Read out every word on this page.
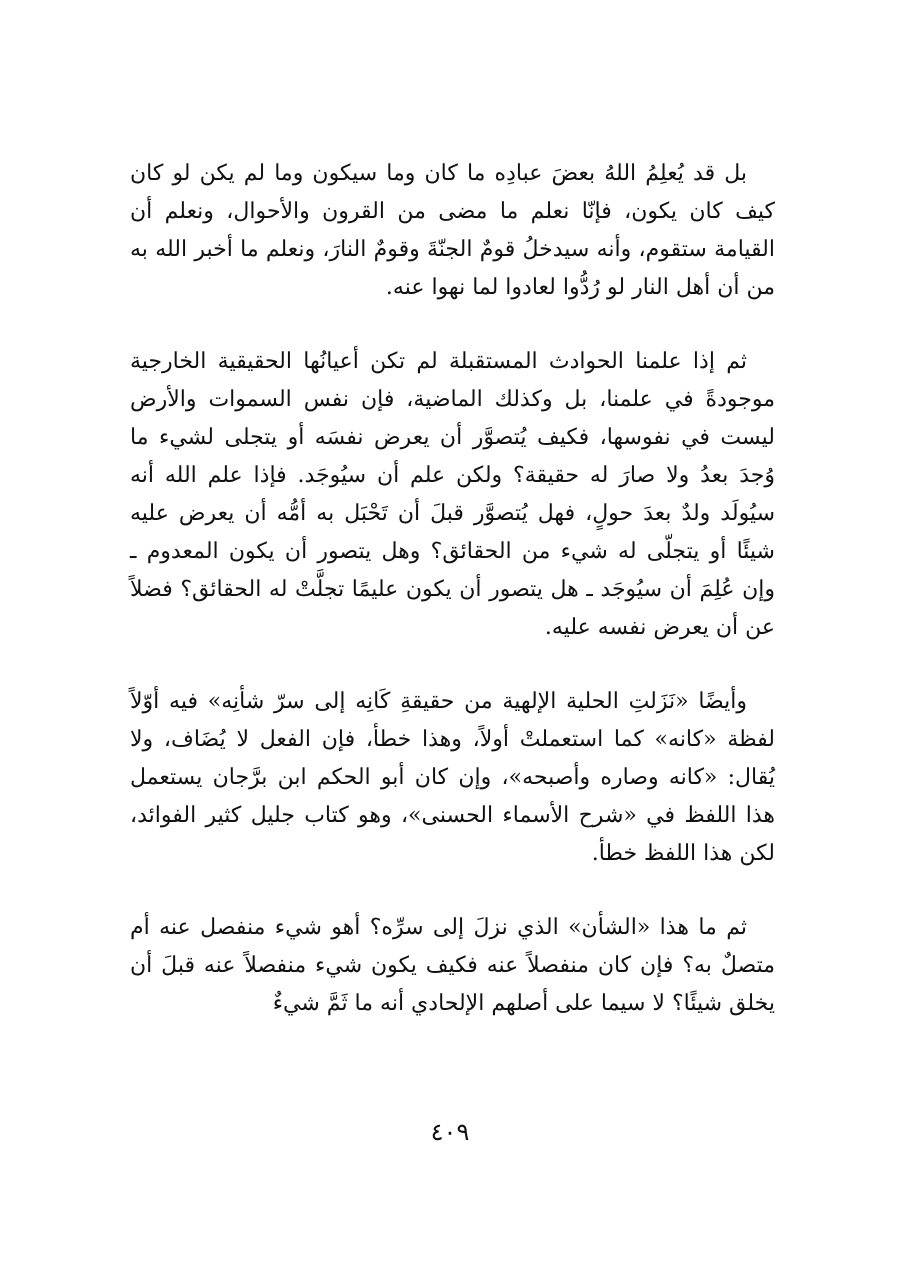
بل قد يُعلِمُ اللهُ بعضَ عبادِه ما كان وما سيكون وما لم يكن لو كان كيف كان يكون، فإنّا نعلم ما مضى من القرون والأحوال، ونعلم أن القيامة ستقوم، وأنه سيدخلُ قومٌ الجنّةَ وقومٌ النارَ، ونعلم ما أخبر الله به من أن أهل النار لو رُدُّوا لعادوا لما نهوا عنه.

ثم إذا علمنا الحوادث المستقبلة لم تكن أعيانُها الحقيقية الخارجية موجودةً في علمنا، بل وكذلك الماضية، فإن نفس السموات والأرض ليست في نفوسها، فكيف يُتصوَّر أن يعرض نفسَه أو يتجلى لشيء ما وُجدَ بعدُ ولا صارَ له حقيقة؟ ولكن علم أن سيُوجَد. فإذا علم الله أنه سيُولَد ولدٌ بعدَ حولٍ، فهل يُتصوَّر قبلَ أن تَحْبَل به أمُّه أن يعرض عليه شيئًا أو يتجلّى له شيء من الحقائق؟ وهل يتصور أن يكون المعدوم ـ وإن عُلِمَ أن سيُوجَد ـ هل يتصور أن يكون عليمًا تجلَّتْ له الحقائق؟ فضلاً عن أن يعرض نفسه عليه.

وأيضًا «نَزَلتِ الحلية الإلهية من حقيقةِ كَانِه إلى سرّ شأنِه» فيه أوّلاً لفظة «كانه» كما استعملتْ أولاً، وهذا خطأ، فإن الفعل لا يُضَاف، ولا يُقال: «كانه وصاره وأصبحه»، وإن كان أبو الحكم ابن برَّجان يستعمل هذا اللفظ في «شرح الأسماء الحسنى»، وهو كتاب جليل كثير الفوائد، لكن هذا اللفظ خطأ.

ثم ما هذا «الشأن» الذي نزلَ إلى سرِّه؟ أهو شيء منفصل عنه أم متصلٌ به؟ فإن كان منفصلاً عنه فكيف يكون شيء منفصلاً عنه قبلَ أن يخلق شيئًا؟ لا سيما على أصلهم الإلحادي أنه ما ثَمَّ شيءٌ

٤٠٩
